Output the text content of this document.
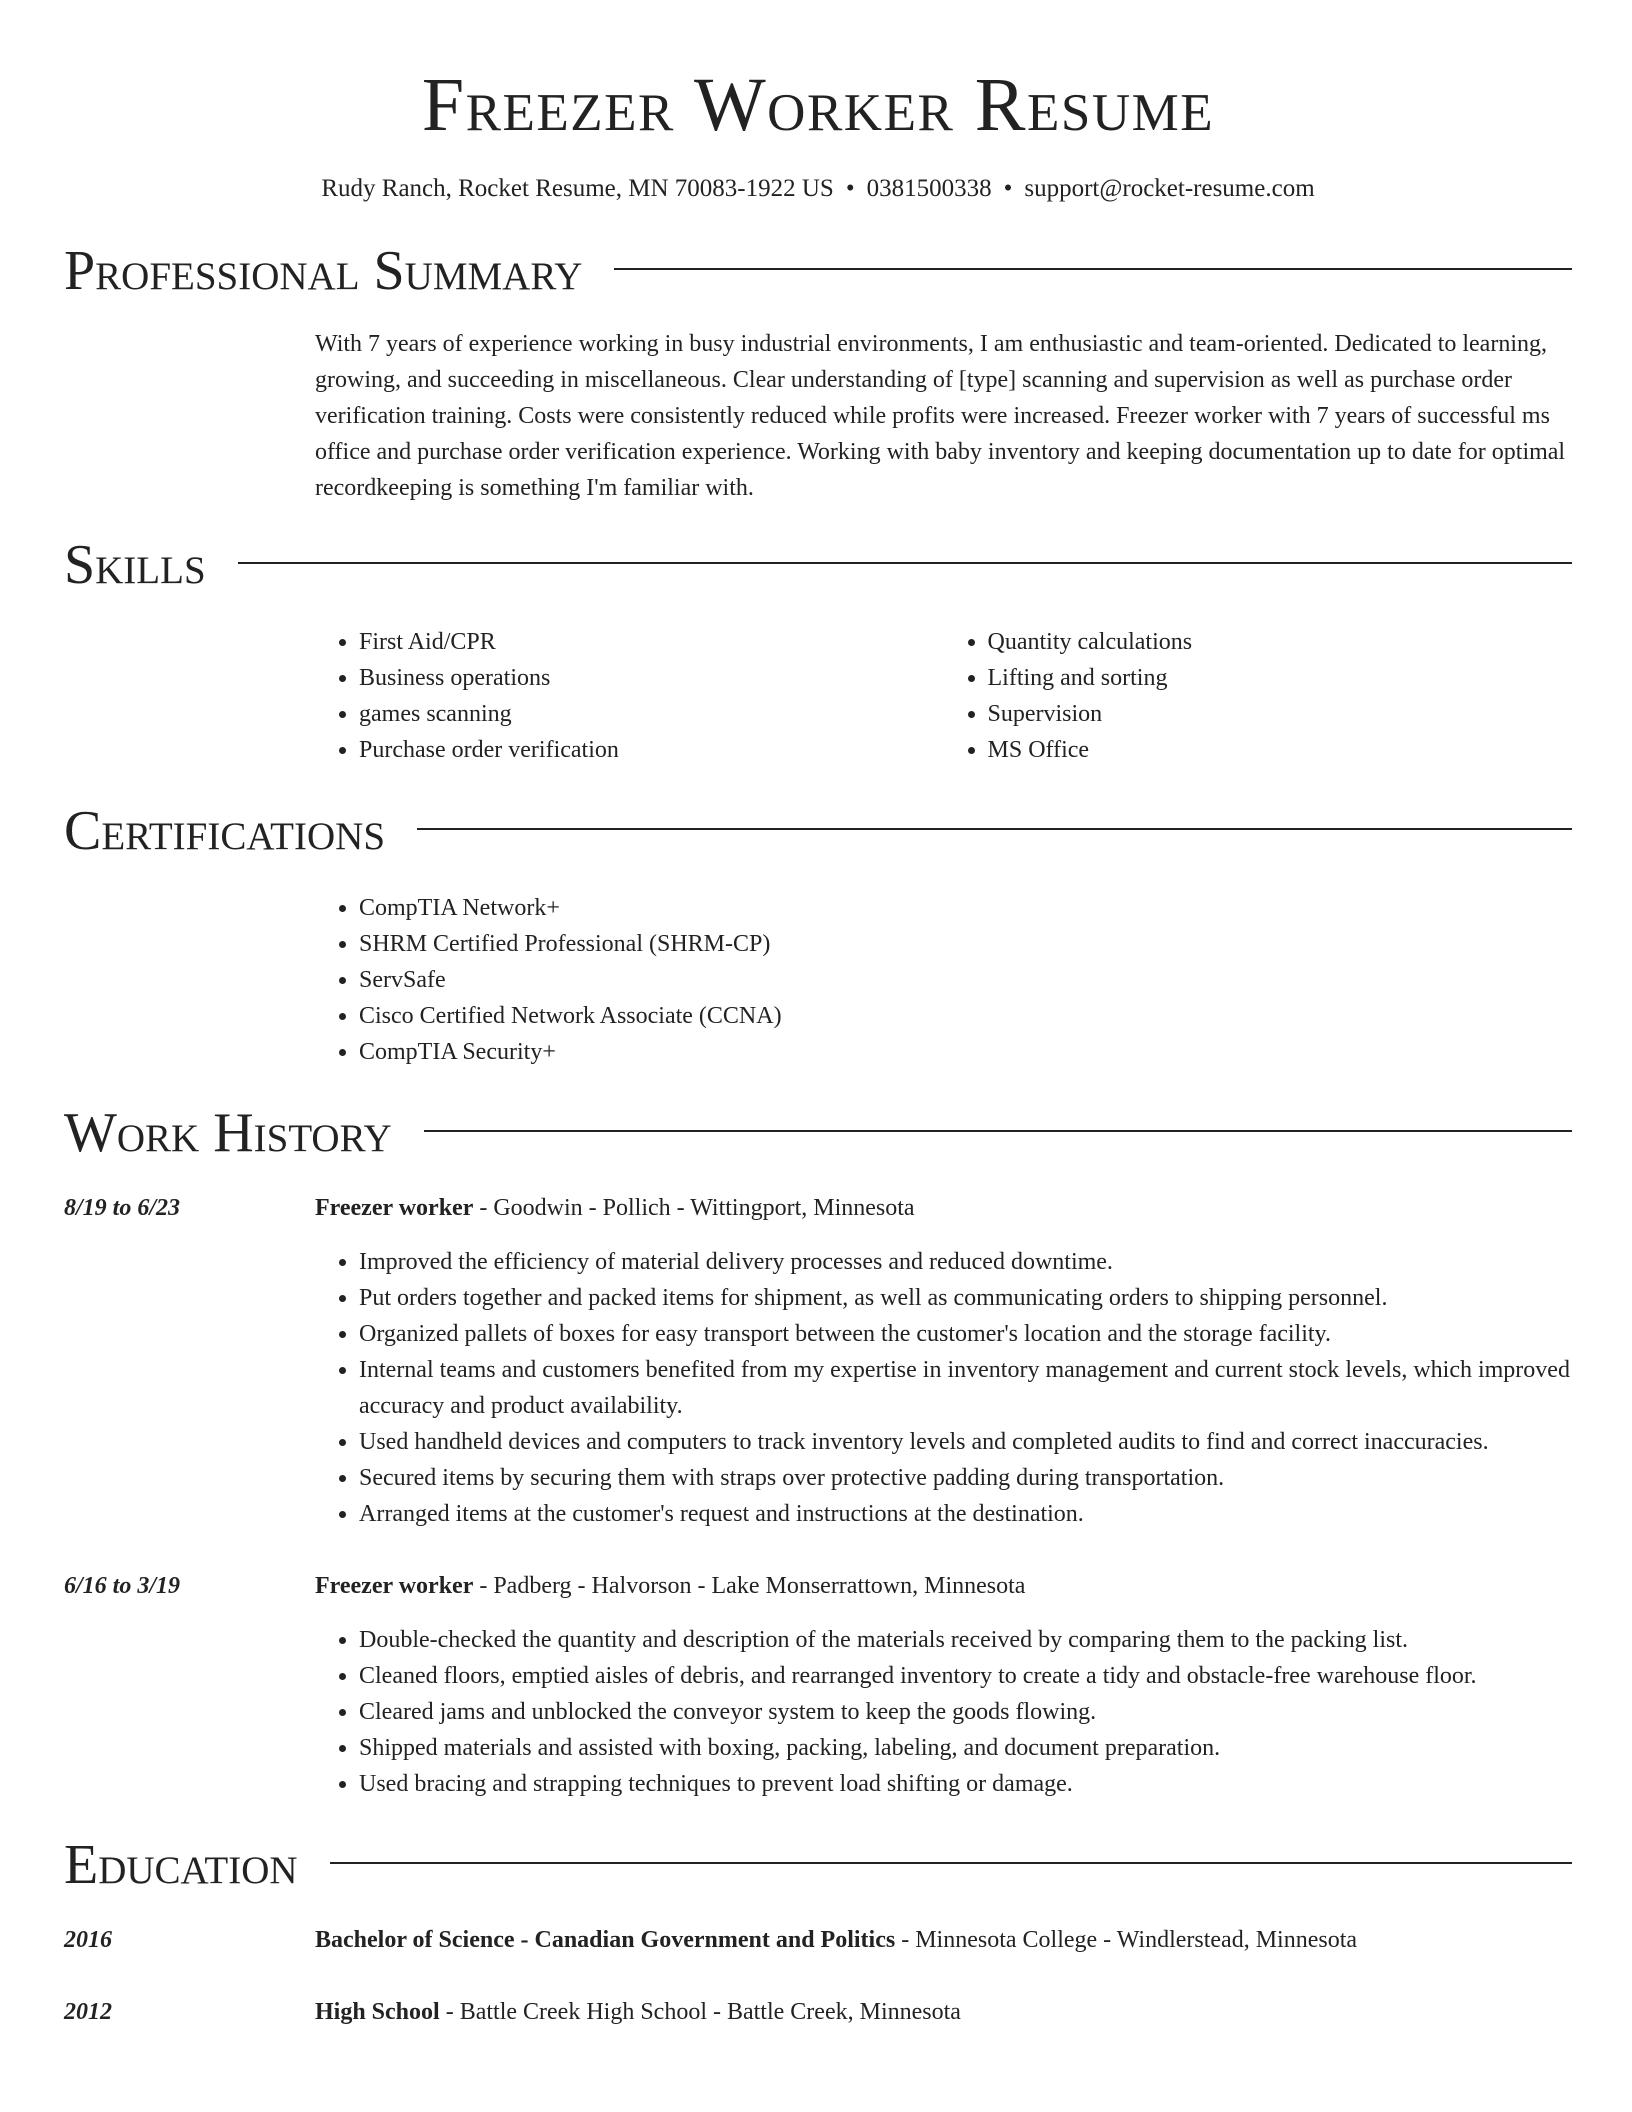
Freezer Worker Resume
Rudy Ranch, Rocket Resume, MN 70083-1922 US • 0381500338 • support@rocket-resume.com
Professional Summary
With 7 years of experience working in busy industrial environments, I am enthusiastic and team-oriented. Dedicated to learning, growing, and succeeding in miscellaneous. Clear understanding of [type] scanning and supervision as well as purchase order verification training. Costs were consistently reduced while profits were increased. Freezer worker with 7 years of successful ms office and purchase order verification experience. Working with baby inventory and keeping documentation up to date for optimal recordkeeping is something I'm familiar with.
Skills
• First Aid/CPR
• Business operations
• games scanning
• Purchase order verification
• Quantity calculations
• Lifting and sorting
• Supervision
• MS Office
Certifications
• CompTIA Network+
• SHRM Certified Professional (SHRM-CP)
• ServSafe
• Cisco Certified Network Associate (CCNA)
• CompTIA Security+
Work History
8/19 to 6/23	Freezer worker - Goodwin - Pollich - Wittingport, Minnesota
• Improved the efficiency of material delivery processes and reduced downtime.
• Put orders together and packed items for shipment, as well as communicating orders to shipping personnel.
• Organized pallets of boxes for easy transport between the customer's location and the storage facility.
• Internal teams and customers benefited from my expertise in inventory management and current stock levels, which improved accuracy and product availability.
• Used handheld devices and computers to track inventory levels and completed audits to find and correct inaccuracies.
• Secured items by securing them with straps over protective padding during transportation.
• Arranged items at the customer's request and instructions at the destination.
6/16 to 3/19	Freezer worker - Padberg - Halvorson - Lake Monserrattown, Minnesota
• Double-checked the quantity and description of the materials received by comparing them to the packing list.
• Cleaned floors, emptied aisles of debris, and rearranged inventory to create a tidy and obstacle-free warehouse floor.
• Cleared jams and unblocked the conveyor system to keep the goods flowing.
• Shipped materials and assisted with boxing, packing, labeling, and document preparation.
• Used bracing and strapping techniques to prevent load shifting or damage.
Education
2016	Bachelor of Science - Canadian Government and Politics - Minnesota College - Windlerstead, Minnesota
2012	High School - Battle Creek High School - Battle Creek, Minnesota
